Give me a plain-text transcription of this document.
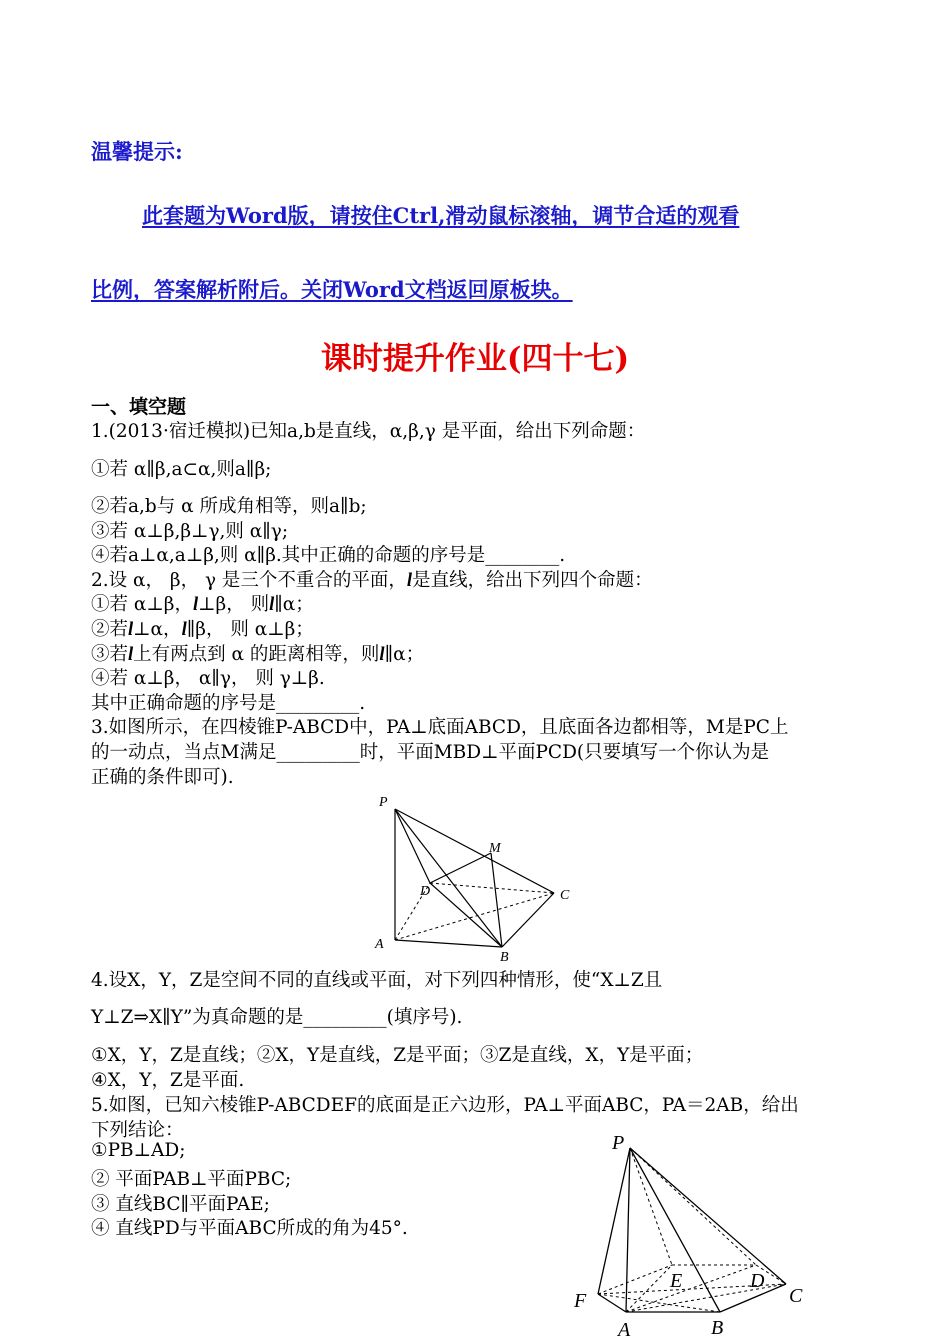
温馨提示:
此套题为Word版，请按住Ctrl,滑动鼠标滚轴，调节合适的观看
比例，答案解析附后。关闭Word文档返回原板块。
课时提升作业(四十七)
一、填空题
1.(2013·宿迁模拟)已知a,b是直线，α,β,γ 是平面，给出下列命题：
①若 α∥β,a⊂α,则a∥β;
②若a,b与 α 所成角相等，则a∥b;
③若 α⊥β,β⊥γ,则 α∥γ;
④若a⊥α,a⊥β,则 α∥β.其中正确的命题的序号是________.
2.设 α， β， γ 是三个不重合的平面，l是直线，给出下列四个命题：
①若 α⊥β，l⊥β， 则l∥α；
②若l⊥α，l∥β， 则 α⊥β；
③若l上有两点到 α 的距离相等，则l∥α；
④若 α⊥β， α∥γ， 则 γ⊥β.
其中正确命题的序号是_________.
3.如图所示，在四棱锥P-ABCD中，PA⊥底面ABCD，且底面各边都相等，M是PC上
的一动点，当点M满足_________时，平面MBD⊥平面PCD(只要填写一个你认为是
正确的条件即可).
P
M
D	C
A
B
4.设X，Y，Z是空间不同的直线或平面，对下列四种情形，使“X⊥Z且
Y⊥Z⇒X∥Y”为真命题的是_________(填序号).
①X，Y，Z是直线；②X，Y是直线，Z是平面；③Z是直线，X，Y是平面；
④X，Y，Z是平面.
5.如图，已知六棱锥P-ABCDEF的底面是正六边形，PA⊥平面ABC，PA＝2AB，给出
下列结论：
①PB⊥AD;
② 平面PAB⊥平面PBC;
③ 直线BC∥平面PAE;
④ 直线PD与平面ABC所成的角为45°.
P
E	D
F	C
A	B
